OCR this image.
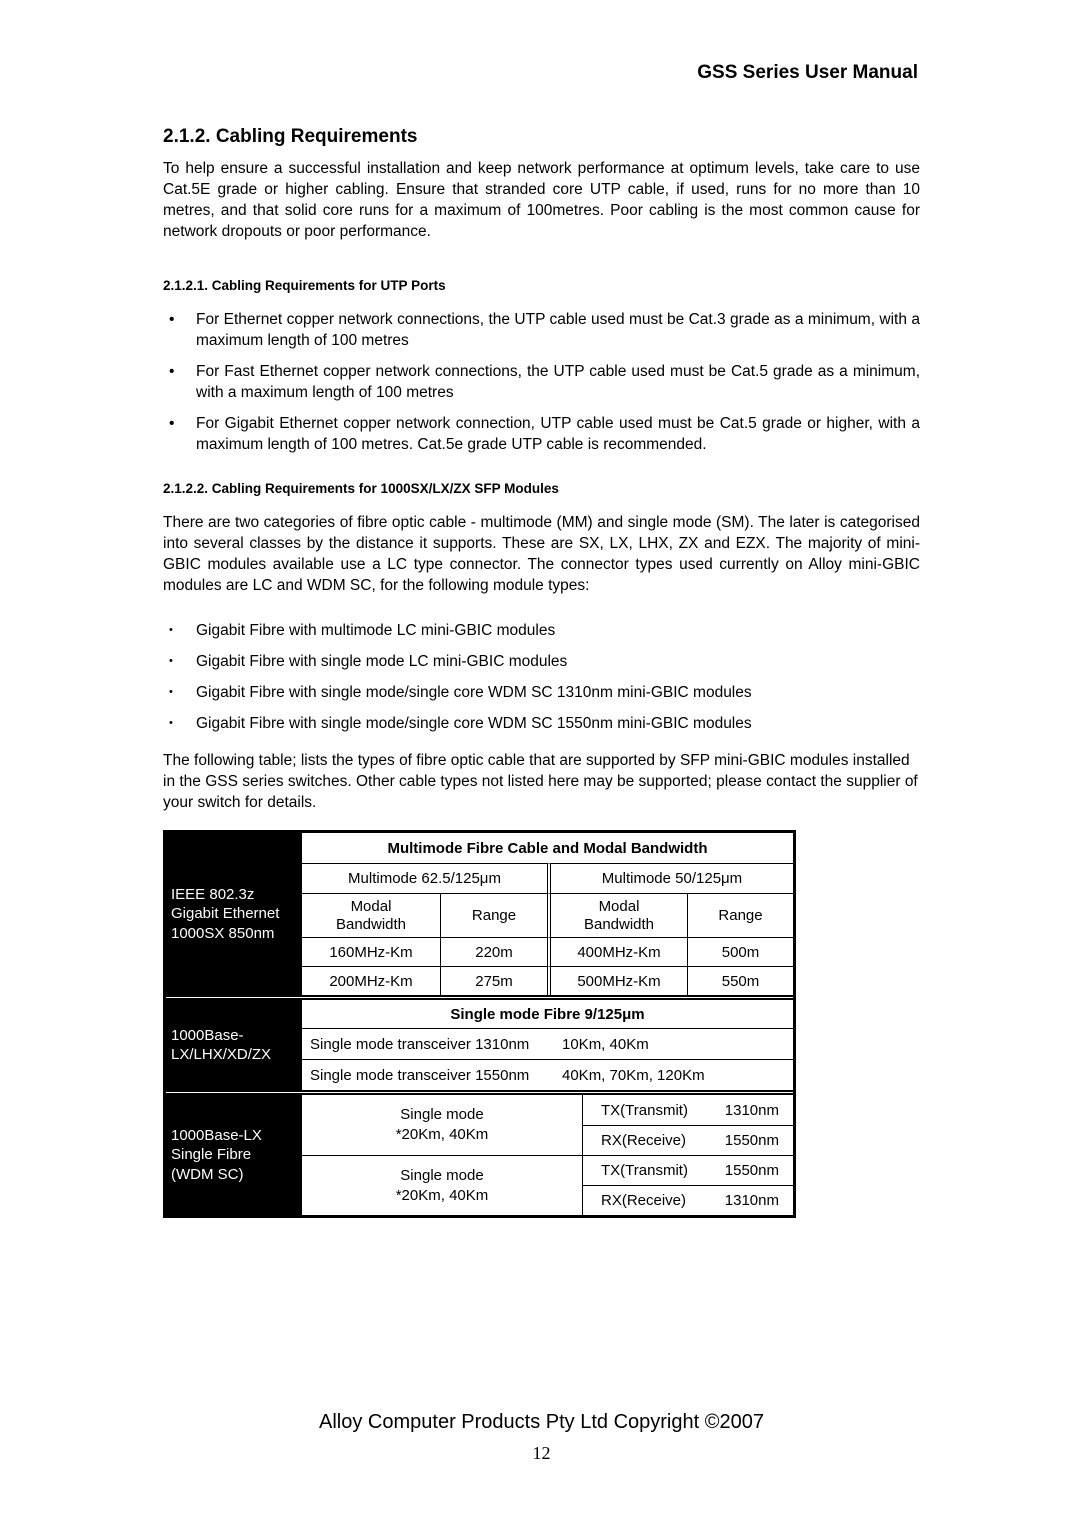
GSS Series User Manual
2.1.2. Cabling Requirements

To help ensure a successful installation and keep network performance at optimum levels, take care to use Cat.5E grade or higher cabling. Ensure that stranded core UTP cable, if used, runs for no more than 10 metres, and that solid core runs for a maximum of 100metres. Poor cabling is the most common cause for network dropouts or poor performance.

2.1.2.1. Cabling Requirements for UTP Ports
•	For Ethernet copper network connections, the UTP cable used must be Cat.3 grade as a minimum, with a maximum length of 100 metres
•	For Fast Ethernet copper network connections, the UTP cable used must be Cat.5 grade as a minimum, with a maximum length of 100 metres
•	For Gigabit Ethernet copper network connection, UTP cable used must be Cat.5 grade or higher, with a maximum length of 100 metres. Cat.5e grade UTP cable is recommended.
2.1.2.2. Cabling Requirements for 1000SX/LX/ZX SFP Modules

There are two categories of fibre optic cable - multimode (MM) and single mode (SM). The later is categorised into several classes by the distance it supports. These are SX, LX, LHX, ZX and EZX. The majority of mini-GBIC modules available use a LC type connector. The connector types used currently on Alloy mini-GBIC modules are LC and WDM SC, for the following module types:

•	Gigabit Fibre with multimode LC mini-GBIC modules
•	Gigabit Fibre with single mode LC mini-GBIC modules
•	Gigabit Fibre with single mode/single core WDM SC 1310nm mini-GBIC modules
•	Gigabit Fibre with single mode/single core WDM SC 1550nm mini-GBIC modules

The following table; lists the types of fibre optic cable that are supported by SFP mini-GBIC modules installed in the GSS series switches. Other cable types not listed here may be supported; please contact the supplier of your switch for details.

IEEE 802.3z
Gigabit Ethernet
1000SX 850nm
Multimode Fibre Cable and Modal Bandwidth
Multimode 62.5/125μm	Multimode 50/125μm
Modal Bandwidth	Range
Modal Bandwidth	Range
160MHz-Km	220m	400MHz-Km	500m
200MHz-Km	275m	500MHz-Km	550m
1000Base-
LX/LHX/XD/ZX
Single mode Fibre 9/125μm
Single mode transceiver 1310nm	10Km, 40Km
Single mode transceiver 1550nm	40Km, 70Km, 120Km
1000Base-LX
Single Fibre
(WDM SC)
Single mode
*20Km, 40Km
TX(Transmit) 1310nm
RX(Receive)	1550nm
Single mode
*20Km, 40Km
TX(Transmit) 1550nm
RX(Receive)	1310nm
Alloy Computer Products Pty Ltd Copyright ©2007
12
